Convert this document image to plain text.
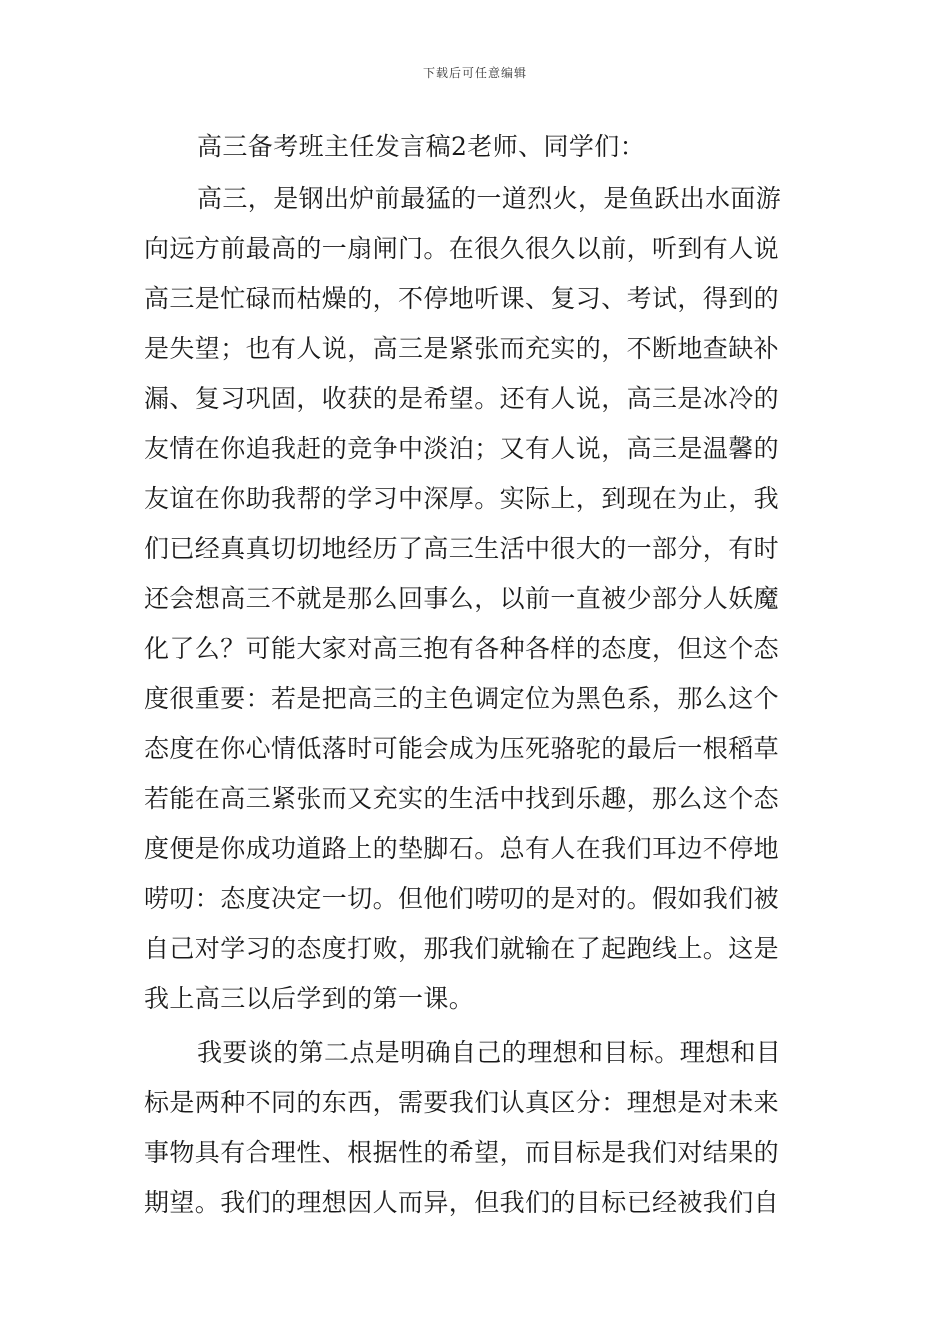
下载后可任意编辑
高三备考班主任发言稿2老师、同学们：
高三，是钢出炉前最猛的一道烈火，是鱼跃出水面游
向远方前最高的一扇闸门。在很久很久以前，听到有人说
高三是忙碌而枯燥的，不停地听课、复习、考试，得到的
是失望；也有人说，高三是紧张而充实的，不断地查缺补
漏、复习巩固，收获的是希望。还有人说，高三是冰冷的
友情在你追我赶的竞争中淡泊；又有人说，高三是温馨的
友谊在你助我帮的学习中深厚。实际上，到现在为止，我
们已经真真切切地经历了高三生活中很大的一部分，有时
还会想高三不就是那么回事么，以前一直被少部分人妖魔
化了么？可能大家对高三抱有各种各样的态度，但这个态
度很重要：若是把高三的主色调定位为黑色系，那么这个
态度在你心情低落时可能会成为压死骆驼的最后一根稻草
若能在高三紧张而又充实的生活中找到乐趣，那么这个态
度便是你成功道路上的垫脚石。总有人在我们耳边不停地
唠叨：态度决定一切。但他们唠叨的是对的。假如我们被
自己对学习的态度打败，那我们就输在了起跑线上。这是
我上高三以后学到的第一课。
我要谈的第二点是明确自己的理想和目标。理想和目
标是两种不同的东西，需要我们认真区分：理想是对未来
事物具有合理性、根据性的希望，而目标是我们对结果的
期望。我们的理想因人而异，但我们的目标已经被我们自
